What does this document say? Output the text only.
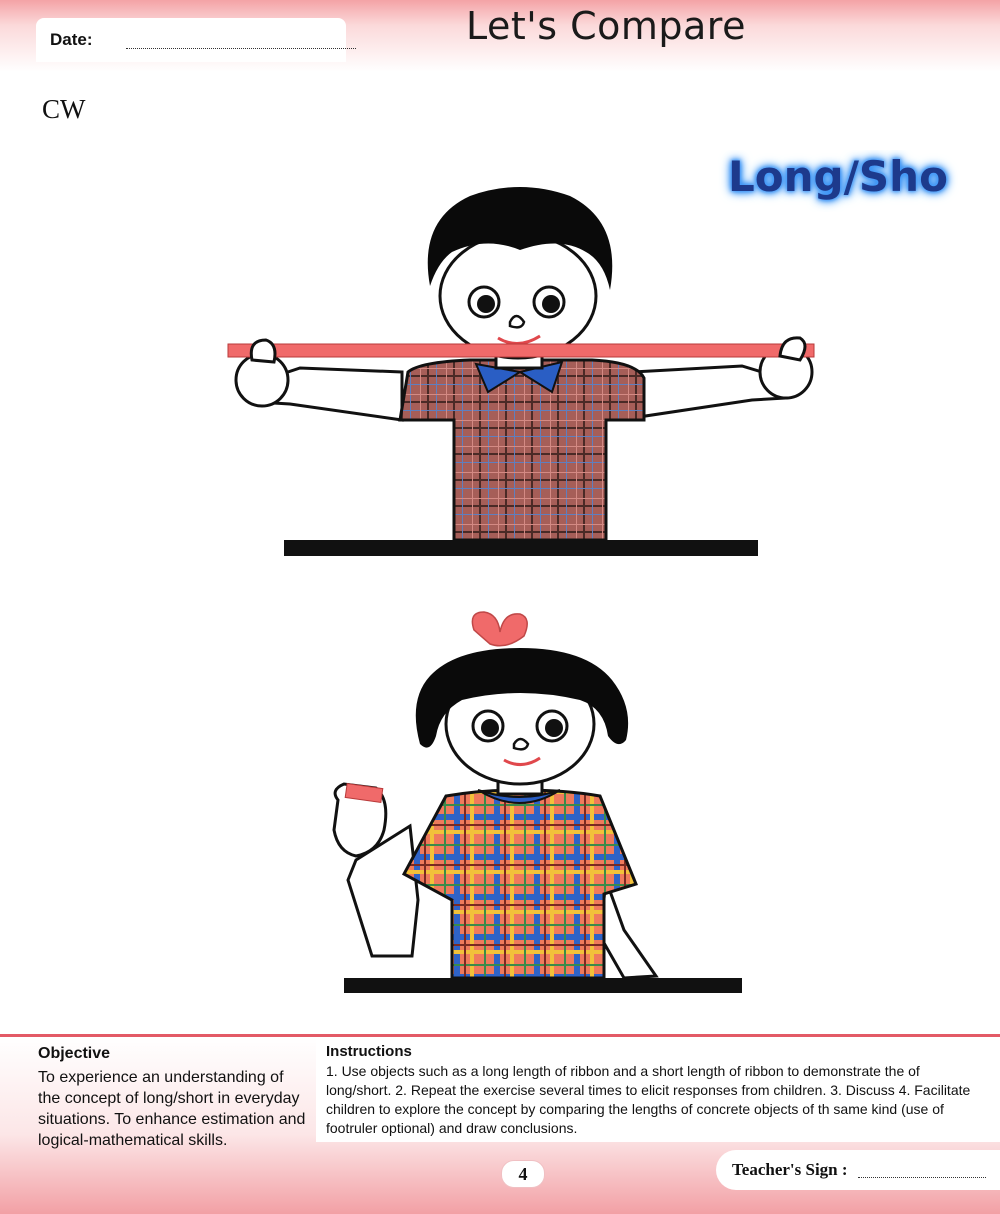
Date:	Let's Compare
CW
Long/Sho
Objective

To experience an understanding of the concept of long/short in everyday situations. To enhance estimation and logical-mathematical skills.

Instructions

1. Use objects such as a long length of ribbon and a short length of ribbon to demonstrate the of long/short. 2. Repeat the exercise several times to elicit responses from children. 3. Discuss 4. Facilitate children to explore the concept by comparing the lengths of concrete objects of th same kind (use of footruler optional) and draw conclusions.

4	Teacher's Sign :
